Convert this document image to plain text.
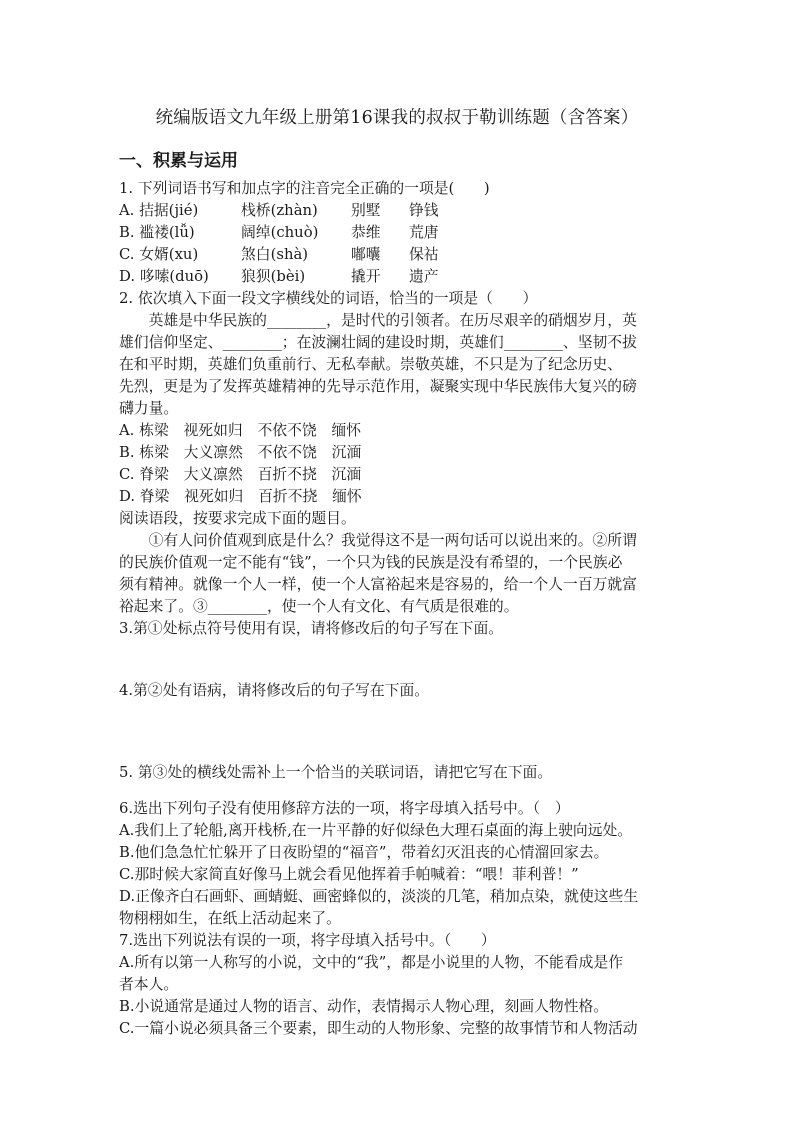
统编版语文九年级上册第16课我的叔叔于勒训练题（含答案）
一、积累与运用
1. 下列词语书写和加点字的注音完全正确的一项是(　　)
A. 拮据(jié)	栈桥(zhàn) 别墅 铮钱
B. 褴褛(lǚ)	阔绰(chuò) 恭维 荒唐
C. 女婿(xu)	煞白(shà)	嘟囔 保祜
D. 哆嗦(duō) 狼狈(bèi)	撬开 遗产
2. 依次填入下面一段文字横线处的词语，恰当的一项是（　　）
　　英雄是中华民族的________，是时代的引领者。在历尽艰辛的硝烟岁月，英
雄们信仰坚定、________；在波澜壮阔的建设时期，英雄们________、坚韧不拔
在和平时期，英雄们负重前行、无私奉献。崇敬英雄，不只是为了纪念历史、
先烈，更是为了发挥英雄精神的先导示范作用，凝聚实现中华民族伟大复兴的磅
礴力量。
A. 栋梁　视死如归　不依不饶　缅怀
B. 栋梁　大义凛然　不依不饶　沉湎
C. 脊梁　大义凛然　百折不挠　沉湎
D. 脊梁　视死如归　百折不挠　缅怀
阅读语段，按要求完成下面的题目。
　　①有人问价值观到底是什么？我觉得这不是一两句话可以说出来的。②所谓
的民族价值观一定不能有“钱”，一个只为钱的民族是没有希望的，一个民族必
须有精神。就像一个人一样，使一个人富裕起来是容易的，给一个人一百万就富
裕起来了。③________，使一个人有文化、有气质是很难的。
3.第①处标点符号使用有误，请将修改后的句子写在下面。
4.第②处有语病，请将修改后的句子写在下面。
5. 第③处的横线处需补上一个恰当的关联词语，请把它写在下面。
6.选出下列句子没有使用修辞方法的一项，将字母填入括号中。（　）
A.我们上了轮船,离开栈桥,在一片平静的好似绿色大理石桌面的海上驶向远处。
B.他们急急忙忙躲开了日夜盼望的“福音”，带着幻灭沮丧的心情溜回家去。
C.那时候大家简直好像马上就会看见他挥着手帕喊着：“喂！菲利普！”
D.正像齐白石画虾、画蜻蜓、画密蜂似的，淡淡的几笔，稍加点染，就使这些生
物栩栩如生，在纸上活动起来了。
7.选出下列说法有误的一项，将字母填入括号中。（　　）
A.所有以第一人称写的小说，文中的“我”，都是小说里的人物，不能看成是作
者本人。
B.小说通常是通过人物的语言、动作，表情揭示人物心理，刻画人物性格。
C.一篇小说必须具备三个要素，即生动的人物形象、完整的故事情节和人物活动
